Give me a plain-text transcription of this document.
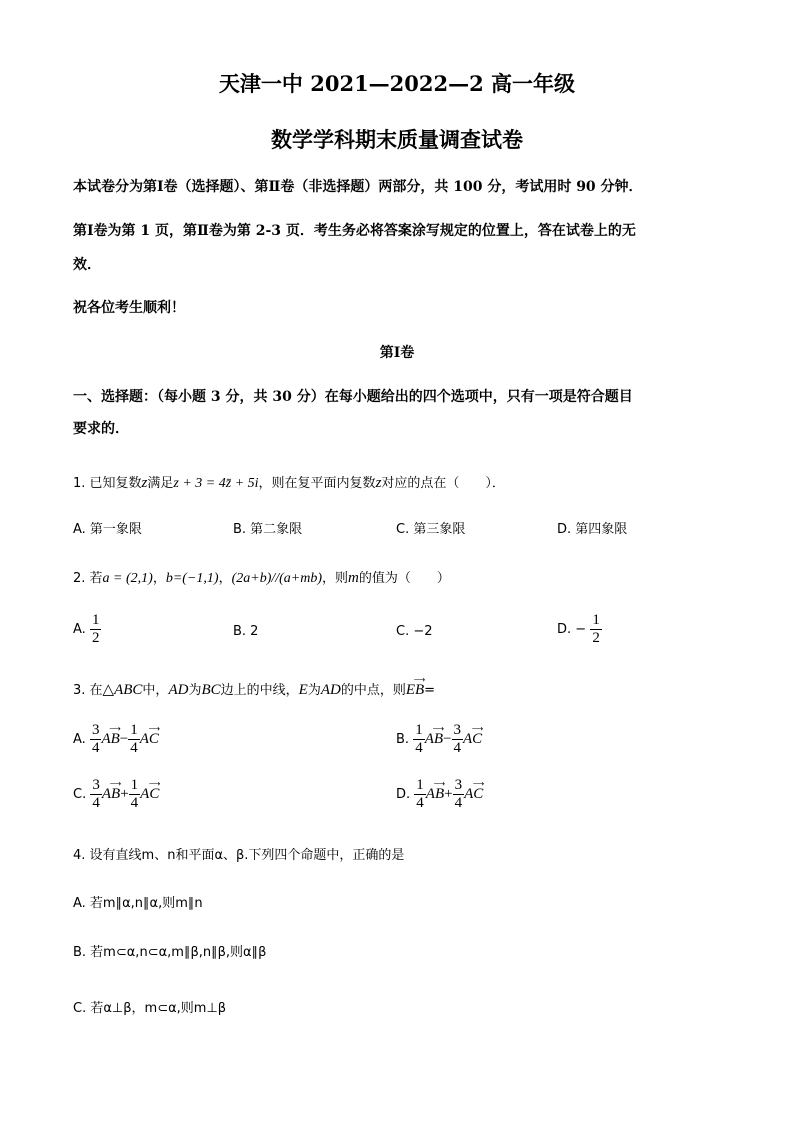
天津一中 2021—2022—2 高一年级
数学学科期末质量调查试卷
本试卷分为第Ⅰ卷（选择题）、第Ⅱ卷（非选择题）两部分，共 100 分，考试用时 90 分钟．
第Ⅰ卷为第 1 页，第Ⅱ卷为第 2-3 页．考生务必将答案涂写规定的位置上，答在试卷上的无
效．
祝各位考生顺利！
第Ⅰ卷
一、选择题：（每小题 3 分，共 30 分）在每小题给出的四个选项中，只有一项是符合题目
要求的．
1. 已知复数z满足z + 3 = 4z̄ + 5i，则在复平面内复数z对应的点在（　　）．
A. 第一象限	B. 第二象限	C. 第三象限	D. 第四象限
2. 若a = (2,1)，b=(−1,1)，(2a+b)//(a+mb)，则m的值为（　　）
A. $\frac{1}{2}$	B. 2	C. −2	D. − $\frac{1}{2}$
3. 在△ABC中，AD为BC边上的中线，E为AD的中点，则
⟶
EB=
A. $\frac{3}{4}$ ⟶
$AB- \frac{1}{4}$	⟶
AC	B. $\frac{1}{4}$ ⟶
$AB- \frac{3}{4}$	⟶
AC
C. $\frac{3}{4}$ ⟶
$AB+ \frac{1}{4}$	⟶
AC	D. $\frac{1}{4}$ ⟶
$AB+ \frac{3}{4}$	⟶
AC
4. 设有直线m、n和平面α、β.下列四个命题中，正确的是
A. 若m∥α,n∥α,则m∥n
B. 若m⊂α,n⊂α,m∥β,n∥β,则α∥β
C. 若α⊥β，m⊂α,则m⊥β
